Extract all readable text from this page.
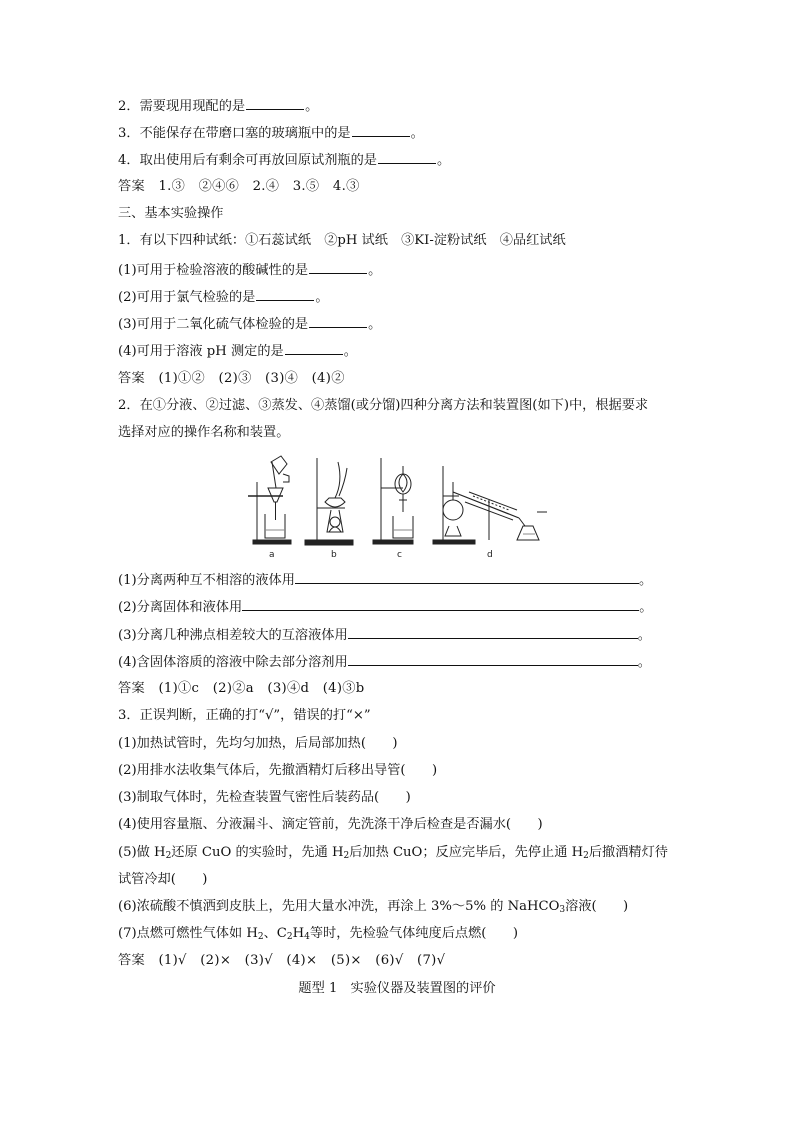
2．需要现用现配的是	。
3．不能保存在带磨口塞的玻璃瓶中的是	。
4．取出使用后有剩余可再放回原试剂瓶的是	。
答案　1.③　②④⑥　2.④　3.⑤　4.③
三、基本实验操作
1．有以下四种试纸：①石蕊试纸　②pH 试纸　③KI-淀粉试纸　④品红试纸
(1)可用于检验溶液的酸碱性的是	。
(2)可用于氯气检验的是	。
(3)可用于二氧化硫气体检验的是	。
(4)可用于溶液 pH 测定的是	。
答案　(1)①②　(2)③　(3)④　(4)②
2．在①分液、②过滤、③蒸发、④蒸馏(或分馏)四种分离方法和装置图(如下)中，根据要求
选择对应的操作名称和装置。
a	b	c	d
(1)分离两种互不相溶的液体用	。
(2)分离固体和液体用	。
(3)分离几种沸点相差较大的互溶液体用	。
(4)含固体溶质的溶液中除去部分溶剂用	。
答案　(1)①c　(2)②a　(3)④d　(4)③b
3．正误判断，正确的打“√”，错误的打“×”
(1)加热试管时，先均匀加热，后局部加热(　　)
(2)用排水法收集气体后，先撤酒精灯后移出导管(　　)
(3)制取气体时，先检查装置气密性后装药品(　　)
(4)使用容量瓶、分液漏斗、滴定管前，先洗涤干净后检查是否漏水(　　)
(5)做 $H_2$还原 CuO 的实验时，先通 $H_2$后加热 CuO；反应完毕后，先停止通 $H_2$后撤酒精灯待
试管冷却(　　)
(6)浓硫酸不慎洒到皮肤上，先用大量水冲洗，再涂上 3%～5% 的 NaHCO$_3$溶液(　　)
(7)点燃可燃性气体如 $H_2$、$C_2H_4$等时，先检验气体纯度后点燃(　　)
答案　(1)√　(2)×　(3)√　(4)×　(5)×　(6)√　(7)√
题型 1　实验仪器及装置图的评价
